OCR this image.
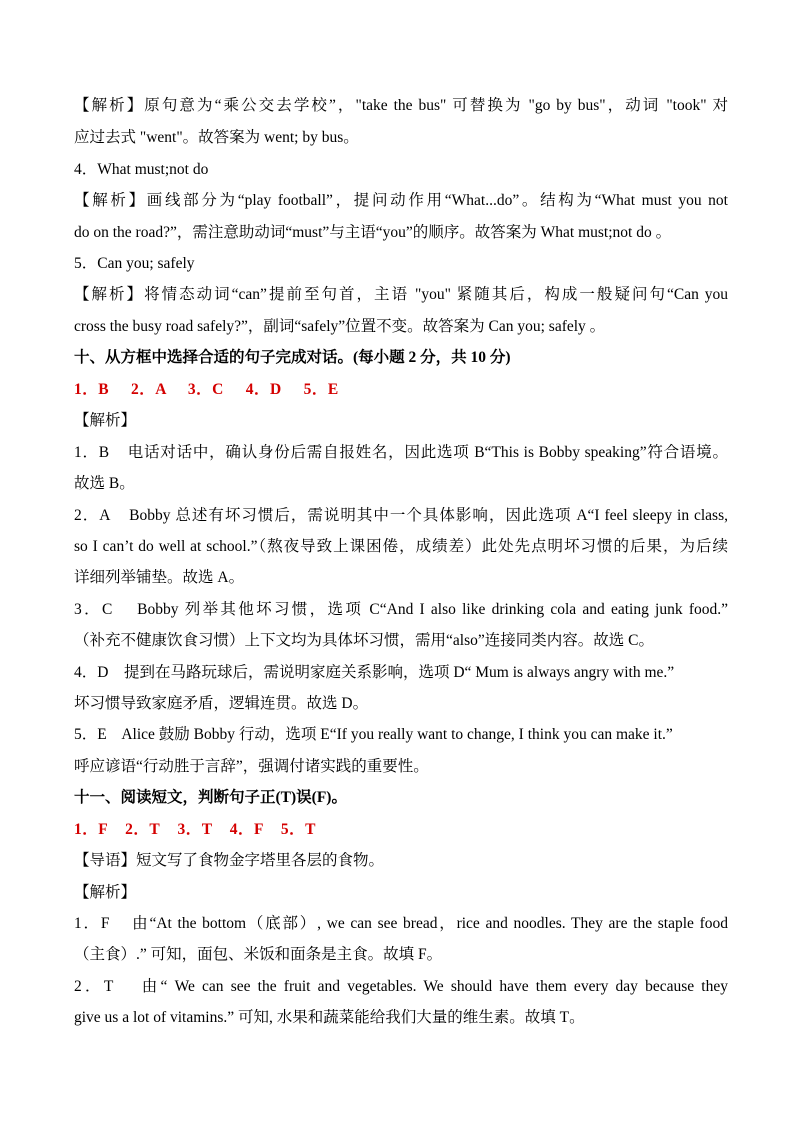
【解析】原句意为“乘公交去学校”，"take the bus" 可替换为 "go by bus"，动词 "took" 对
应过去式 "went"。故答案为 went; by bus。
4．What must;not do
【解析】画线部分为“play football”，提问动作用“What...do”。结构为“What must you not
do on the road?”，需注意助动词“must”与主语“you”的顺序。故答案为 What must;not do 。
5．Can you; safely
【解析】将情态动词“can”提前至句首，主语 "you" 紧随其后，构成一般疑问句“Can you
cross the busy road safely?”，副词“safely”位置不变。故答案为 Can you; safely 。
十、从方框中选择合适的句子完成对话。(每小题 2 分，共 10 分)
1．B     2．A     3．C     4．D     5．E
【解析】
1．B    电话对话中，确认身份后需自报姓名，因此选项 B“This is Bobby speaking”符合语境。
故选 B。
2．A    Bobby 总述有坏习惯后，需说明其中一个具体影响，因此选项 A“I feel sleepy in class,
so I can’t do well at school.”（熬夜导致上课困倦，成绩差）此处先点明坏习惯的后果，为后续
详细列举铺垫。故选 A。
3．C    Bobby 列举其他坏习惯，选项 C“And I also like drinking cola and eating junk food.”
（补充不健康饮食习惯）上下文均为具体坏习惯，需用“also”连接同类内容。故选 C。
4．D    提到在马路玩球后，需说明家庭关系影响，选项 D“ Mum is always angry with me.”
坏习惯导致家庭矛盾，逻辑连贯。故选 D。
5．E    Alice 鼓励 Bobby 行动，选项 E“If you really want to change, I think you can make it.”
呼应谚语“行动胜于言辞”，强调付诸实践的重要性。
十一、阅读短文，判断句子正(T)误(F)。
1．F    2．T    3．T    4．F    5．T
【导语】短文写了食物金字塔里各层的食物。
【解析】
1．F    由“At the bottom（底部）, we can see bread，rice and noodles. They are the staple food
（主食）.” 可知，面包、米饭和面条是主食。故填 F。
2．T    由“ We can see the fruit and vegetables. We should have them every day because they
give us a lot of vitamins.” 可知, 水果和蔬菜能给我们大量的维生素。故填 T。
